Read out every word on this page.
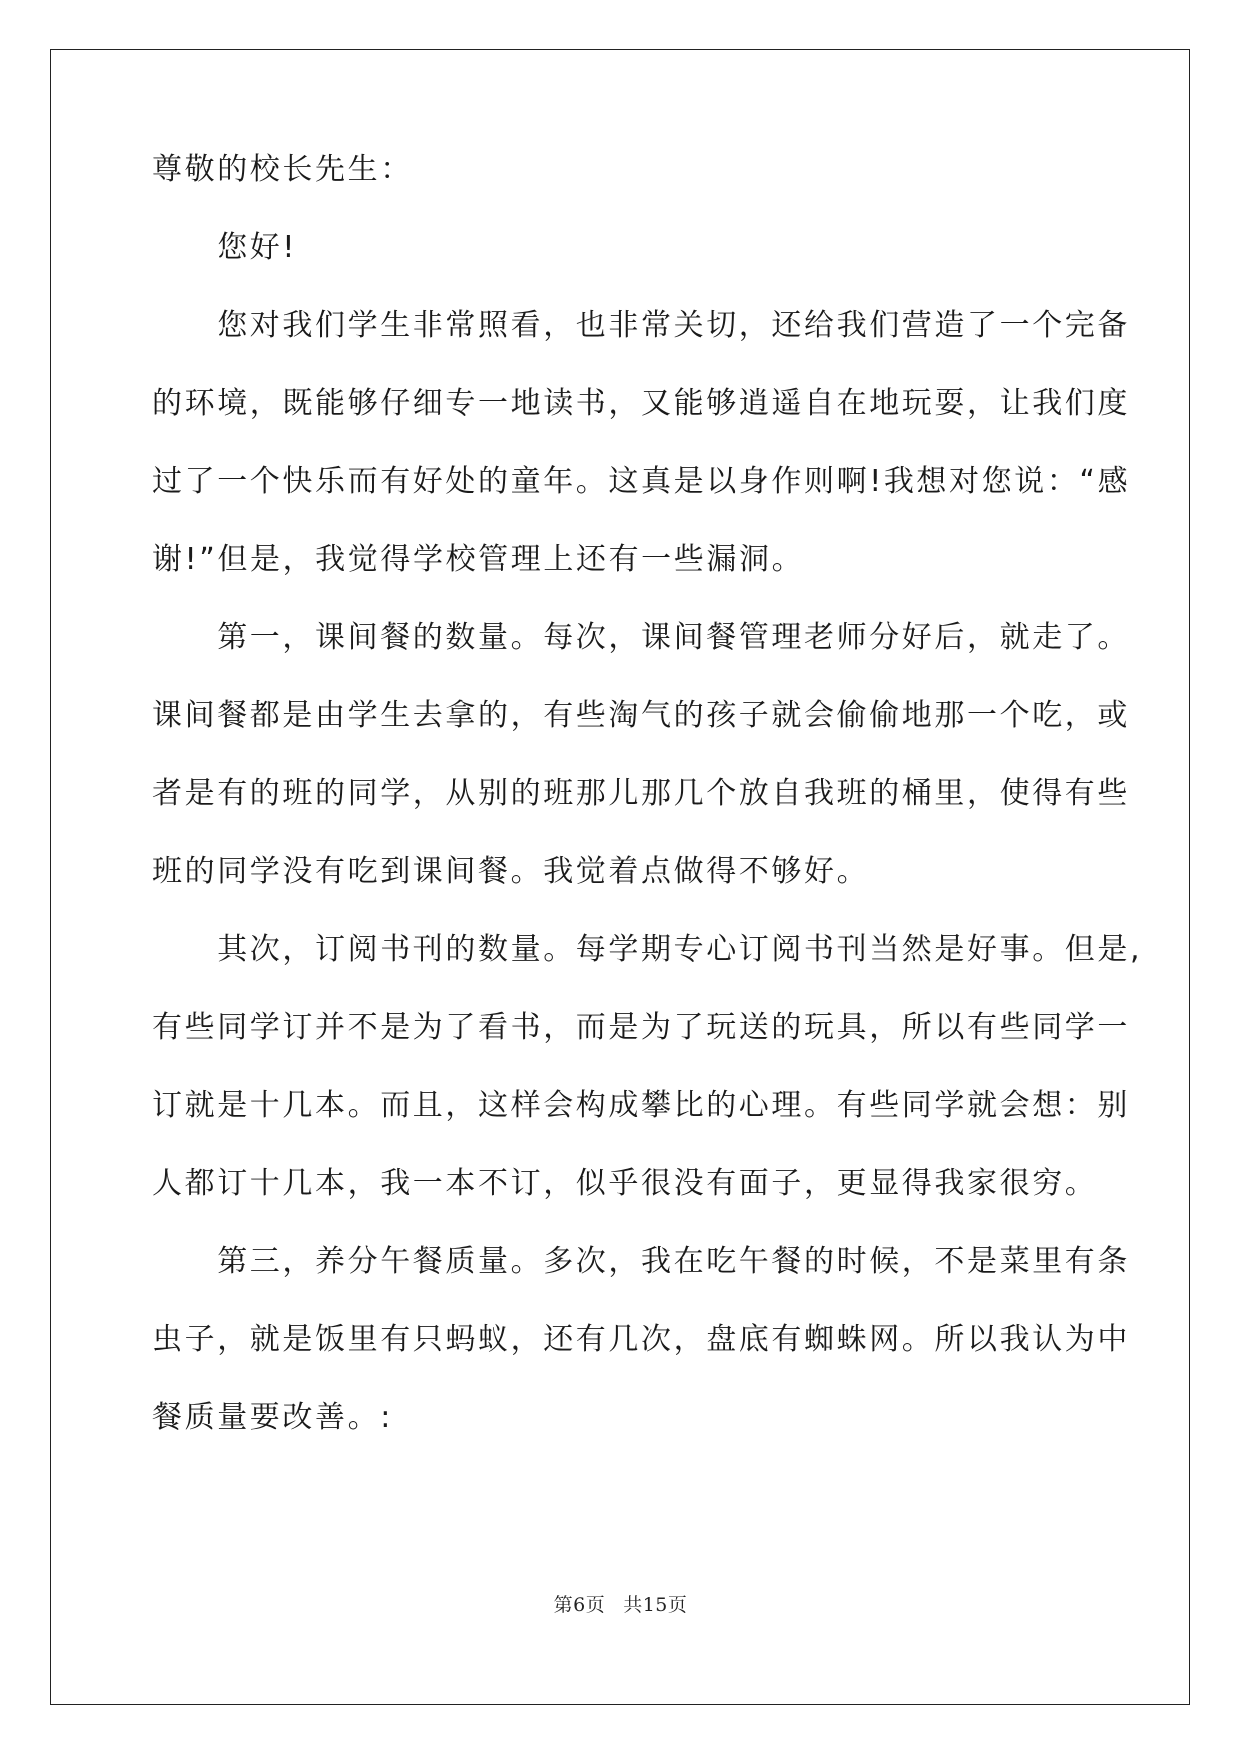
尊敬的校长先生：
　　您好!
　　您对我们学生非常照看，也非常关切，还给我们营造了一个完备
的环境，既能够仔细专一地读书，又能够逍遥自在地玩耍，让我们度
过了一个快乐而有好处的童年。这真是以身作则啊!我想对您说：“感
谢!”但是，我觉得学校管理上还有一些漏洞。
　　第一，课间餐的数量。每次，课间餐管理老师分好后，就走了。
课间餐都是由学生去拿的，有些淘气的孩子就会偷偷地那一个吃，或
者是有的班的同学，从别的班那儿那几个放自我班的桶里，使得有些
班的同学没有吃到课间餐。我觉着点做得不够好。
　　其次，订阅书刊的数量。每学期专心订阅书刊当然是好事。但是,
有些同学订并不是为了看书，而是为了玩送的玩具，所以有些同学一
订就是十几本。而且，这样会构成攀比的心理。有些同学就会想：别
人都订十几本，我一本不订，似乎很没有面子，更显得我家很穷。
　　第三，养分午餐质量。多次，我在吃午餐的时候，不是菜里有条
虫子，就是饭里有只蚂蚁，还有几次，盘底有蜘蛛网。所以我认为中
餐质量要改善。:
第6页 共15页
